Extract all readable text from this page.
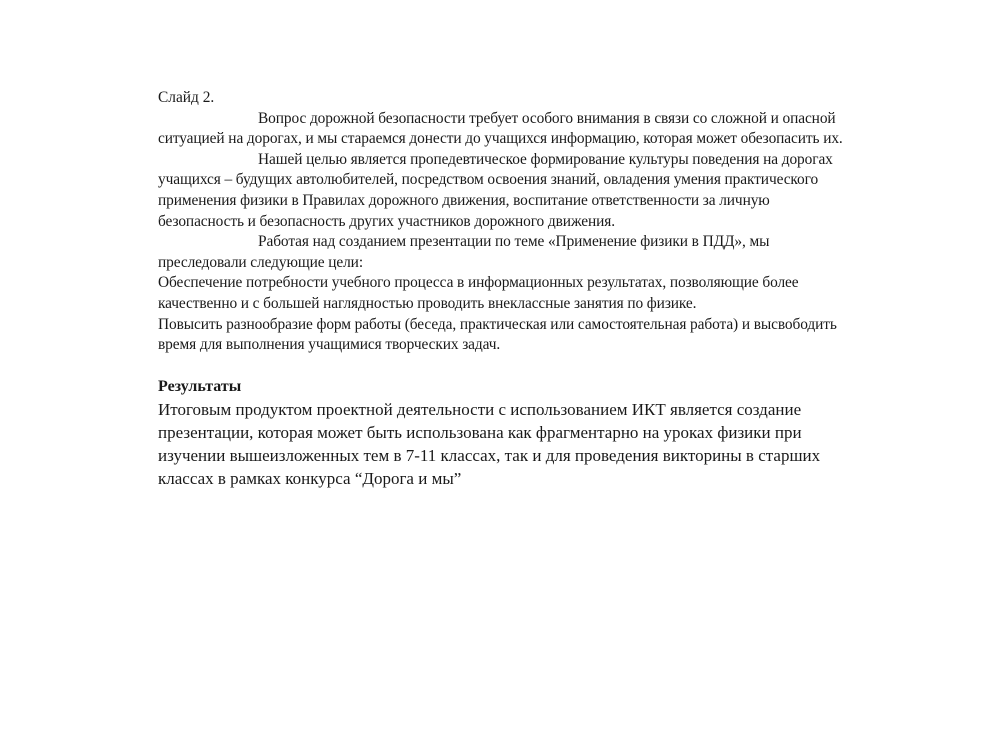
Слайд 2.

Вопрос дорожной безопасности требует особого внимания в связи со сложной и опасной ситуацией на дорогах, и мы стараемся донести до учащихся информацию, которая может обезопасить их.

Нашей целью является пропедевтическое формирование культуры поведения на дорогах учащихся – будущих автолюбителей, посредством освоения знаний, овладения умения практического применения физики в Правилах дорожного движения, воспитание ответственности за личную безопасность и безопасность других участников дорожного движения.

Работая над созданием презентации по теме «Применение физики в ПДД», мы преследовали следующие цели:

Обеспечение потребности учебного процесса в информационных результатах, позволяющие более качественно и с большей наглядностью проводить внеклассные занятия по физике.

Повысить разнообразие форм работы (беседа, практическая или самостоятельная работа) и высвободить время для выполнения учащимися творческих задач.

Результаты

Итоговым продуктом проектной деятельности с использованием ИКТ является создание презентации, которая может быть использована как фрагментарно на уроках физики при изучении вышеизложенных тем в 7-11 классах, так и для проведения викторины в старших классах в рамках конкурса “Дорога и мы”
